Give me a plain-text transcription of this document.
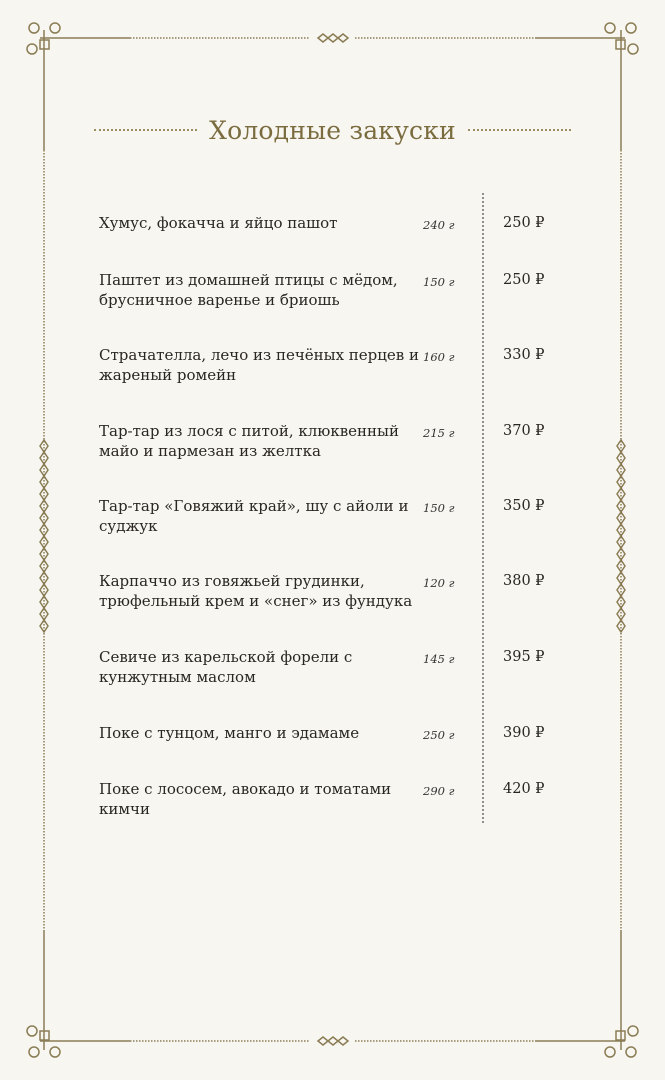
Холодные закуски
Хумус, фокачча и яйцо пашот	240 г	250 ₽
Паштет из домашней птицы с мёдом, брусничное варенье и бриошь
150 г	250 ₽
Страчателла, лечо из печёных перцев и жареный ромейн
160 г	330 ₽
Тар-тар из лося с питой, клюквенный майо и пармезан из желтка
215 г	370 ₽
Тар-тар «Говяжий край», шу с айоли и суджук
150 г	350 ₽
Карпаччо из говяжьей грудинки, трюфельный крем и «снег» из фундука
120 г	380 ₽
Севиче из карельской форели с кунжутным маслом
145 г	395 ₽
Поке с тунцом, манго и эдамаме	250 г	390 ₽
Поке с лососем, авокадо и томатами кимчи
290 г	420 ₽
